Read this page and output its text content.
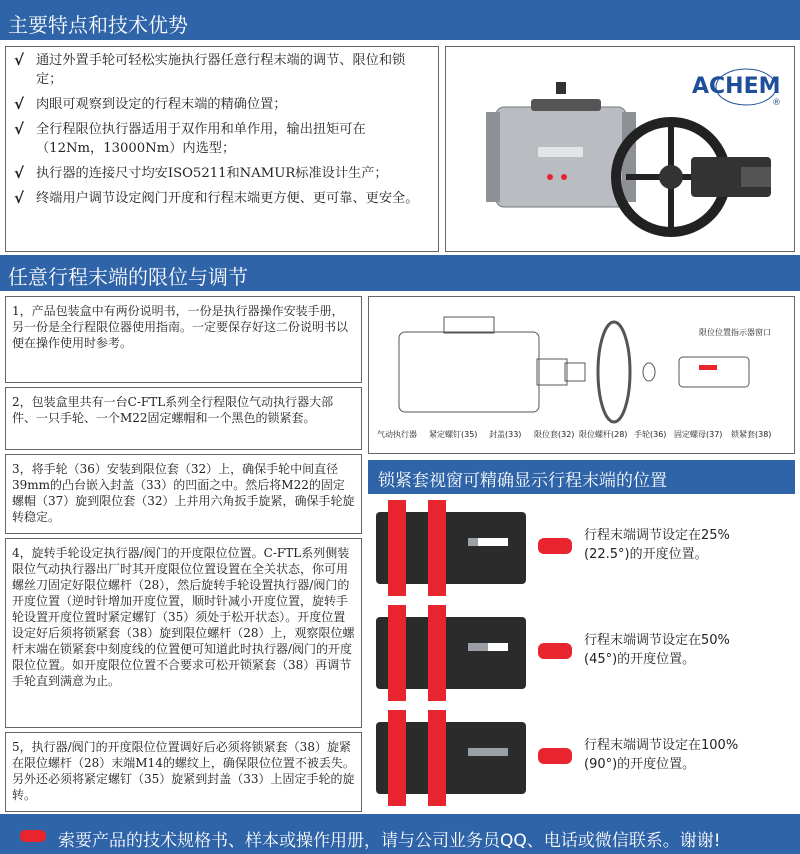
主要特点和技术优势
√ 通过外置手轮可轻松实施执行器任意行程末端的调节、限位和锁定；
√ 肉眼可观察到设定的行程末端的精确位置；
√ 全行程限位执行器适用于双作用和单作用，输出扭矩可在（12Nm，13000Nm）内选型；
√ 执行器的连接尺寸均安ISO5211和NAMUR标准设计生产；
√ 终端用户调节设定阀门开度和行程末端更方便、更可靠、更安全。
ACHEM
®
任意行程末端的限位与调节
1，产品包装盒中有两份说明书，一份是执行器操作安装手册，另一份是全行程限位器使用指南。一定要保存好这二份说明书以便在操作使用时参考。
2，包装盒里共有一台C-FTL系列全行程限位气动执行器大部件、一只手轮、一个M22固定螺帽和一个黑色的锁紧套。
3，将手轮（36）安装到限位套（32）上，确保手轮中间直径39mm的凸台嵌入封盖（33）的凹面之中。然后将M22的固定螺帽（37）旋到限位套（32）上并用六角扳手旋紧，确保手轮旋转稳定。
4，旋转手轮设定执行器/阀门的开度限位位置。C-FTL系列侧装限位气动执行器出厂时其开度限位位置设置在全关状态，你可用螺丝刀固定好限位螺杆（28），然后旋转手轮设置执行器/阀门的开度位置（逆时针增加开度位置，顺时针减小开度位置，旋转手轮设置开度位置时紧定螺钉（35）须处于松开状态）。开度位置设定好后须将锁紧套（38）旋到限位螺杆（28）上，观察限位螺杆末端在锁紧套中刻度线的位置便可知道此时执行器/阀门的开度限位位置。如开度限位位置不合要求可松开锁紧套（38）再调节手轮直到满意为止。
5，执行器/阀门的开度限位位置调好后必须将锁紧套（38）旋紧在限位螺杆（28）末端M14的螺纹上，确保限位位置不被丢失。另外还必须将紧定螺钉（35）旋紧到封盖（33）上固定手轮的旋转。
气动执行器 紧定螺钉(35) 封盖(33) 限位套(32) 限位螺杆(28) 手轮(36) 固定螺母(37) 锁紧套(38)
限位位置指示器窗口
锁紧套视窗可精确显示行程末端的位置
行程末端调节设定在25%
(22.5°)的开度位置。
行程末端调节设定在50%
(45°)的开度位置。
行程末端调节设定在100%
(90°)的开度位置。
索要产品的技术规格书、样本或操作用册，请与公司业务员QQ、电话或微信联系。谢谢!
